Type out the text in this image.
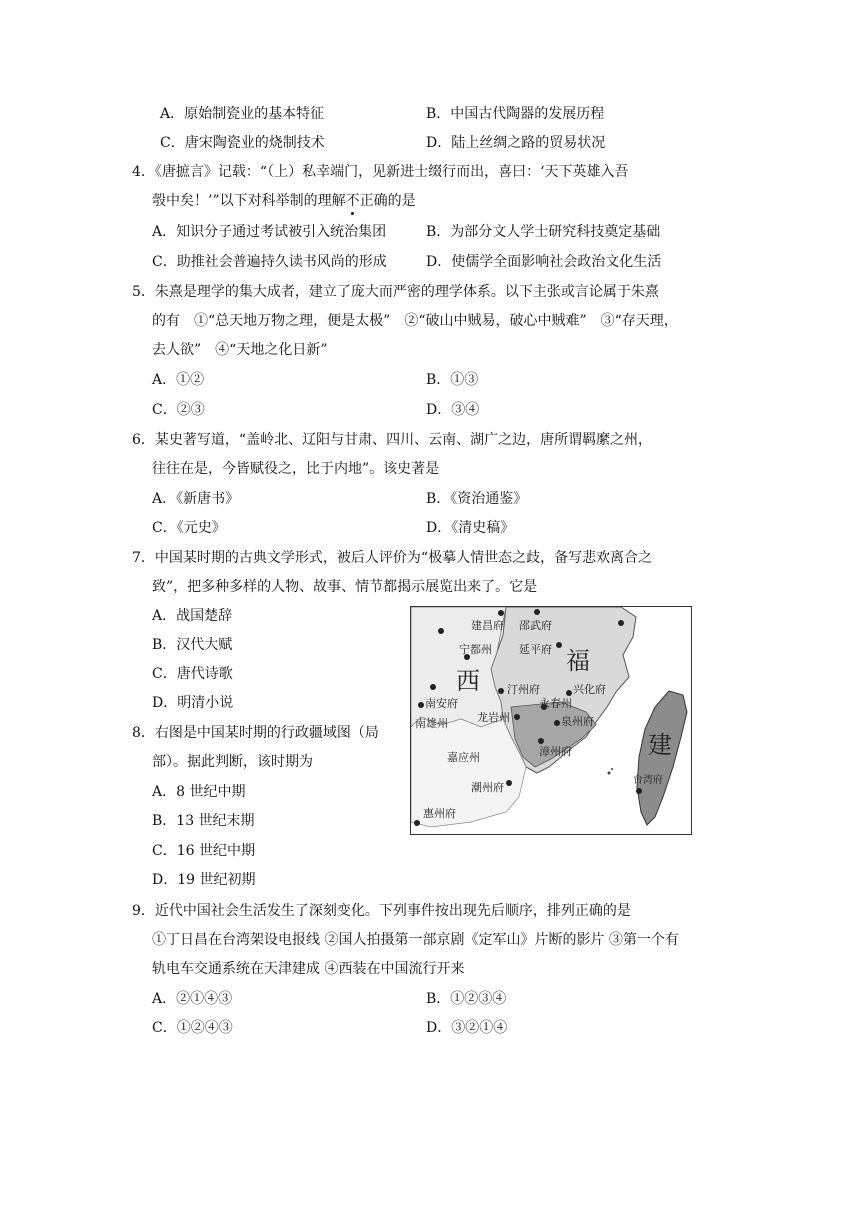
A．原始制瓷业的基本特征	B．中国古代陶器的发展历程
C．唐宋陶瓷业的烧制技术	D．陆上丝绸之路的贸易状况
4．《唐摭言》记载：“（上）私幸端门，见新进士缀行而出，喜曰：‘天下英雄入吾
彀中矣！’”以下对科举制的理解不正确的是
A．知识分子通过考试被引入统治集团	B．为部分文人学士研究科技奠定基础
C．助推社会普遍持久读书风尚的形成	D．使儒学全面影响社会政治文化生活
5．朱熹是理学的集大成者，建立了庞大而严密的理学体系。以下主张或言论属于朱熹
的有　①“总天地万物之理，便是太极”　②“破山中贼易，破心中贼难”　③“存天理，
去人欲”　④“天地之化日新”
A．①②	B．①③
C．②③	D．③④
6．某史著写道，“盖岭北、辽阳与甘肃、四川、云南、湖广之边，唐所谓羁縻之州，
往往在是，今皆赋役之，比于内地”。该史著是
A．《新唐书》	B．《资治通鉴》
C．《元史》	D．《清史稿》
7．中国某时期的古典文学形式，被后人评价为“极摹人情世态之歧，备写悲欢离合之
致”，把多种多样的人物、故事、情节都揭示展览出来了。它是
A．战国楚辞
B．汉代大赋
C．唐代诗歌
D．明清小说
8．右图是中国某时期的行政疆域图（局
部）。据此判断，该时期为
A．8 世纪中期
B．13 世纪末期
C．16 世纪中期
D．19 世纪初期
西
福
建
建昌府 邵武府
延平府
宁都州
汀州府	兴化府
永春州
龙岩州	泉州府
南安府
南雄州
漳州府
嘉应州
潮州府
惠州府
台湾府
9．近代中国社会生活发生了深刻变化。下列事件按出现先后顺序，排列正确的是
①丁日昌在台湾架设电报线 ②国人拍摄第一部京剧《定军山》片断的影片 ③第一个有
轨电车交通系统在天津建成 ④西装在中国流行开来
A．②①④③	B．①②③④
C．①②④③	D．③②①④
